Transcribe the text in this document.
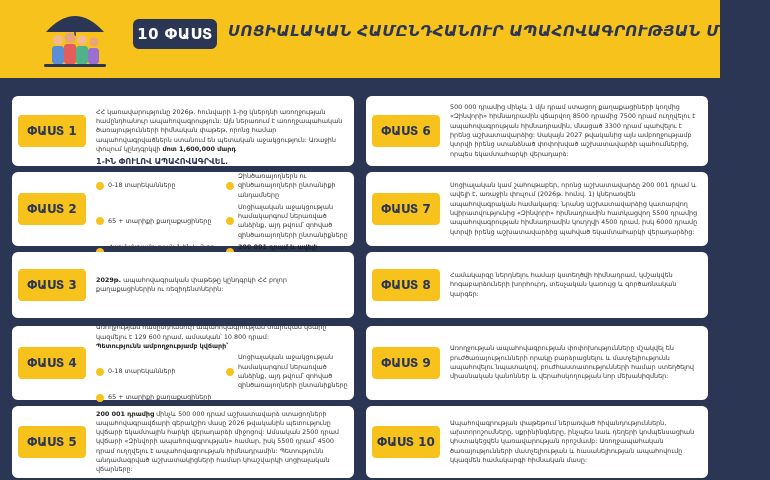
10 ՓԱՍՏ ՍՈՑԻԱԼԱԿԱՆ ՀԱՄԸՆԴՀԱՆՈՒՐ ԱՊԱՀՈՎԱԳՐՈՒԹՅԱՆ ՄԱՍԻՆ
ՓԱՍՏ 1
ՀՀ կառավարությունը 2026թ. հունվարի 1-ից կներդնի առողջության համընդհանուր ապահովագրություն: Այն ներառում է առողջապահական ծառայությունների հիմնական փաթեթ, որոնց համար ապահովագրվածներն ստանում են պետական աջակցություն: Առաջին փուլում կընդգրկվի մոտ 1,600,000 մարդ
ՓԱՍՏ 2
1-ԻՆ ՓՈՒԼՈՎ ԱՊԱՀՈՎԱԳՐՎԵԼ.
0-18 տարեկանները
Զինծառայողներն ու զինծառայողների ընտանիքի անդամները
65 + տարիքի քաղաքացիները
Սոցիալական աջակցության համակարգում ներառված անձինք, այդ թվում՝ զոհված զինծառայողների ընտանիքները
Հաշմանդամության 1-ին և 2-րդ	200 001 դրամ և ավելի
ՓԱՍՏ 3	2029թ. ապահովագրական փաթեթը կընդգրկի ՀՀ բոլոր քաղաքացիներին ու ռեզիդենտներին:
ՓԱՍՏ 4
Առողջության համընդհանուր ապահովագրության տարեկան վճարը կազմելու է 129 600 դրամ, ամսական՝ 10 800 դրամ:
Պետությունն ամբողջությամբ կվճարի՝
0-18 տարեկանների
Սոցիալական աջակցության համակարգում ներառված անձինք, այդ թվում՝ զոհված զինծառայողների ընտանիքները
65 + տարիքի քաղաքացիների
ՓԱՍՏ 5
200 001 դրամից մինչև 500 000 դրամ աշխատավարձ ստացողների ապահովագրավճարի գերակշիռ մասը 2026 թվականին պետությունը կվճարի եկամտային հարկի վերադարձի միջոցով: Ամսական 2500 դրամ կվճարի «Զինվորի ապահովագրության» համար, իսկ 5500 դրամ՝ 4500 դրամ ուղղվելու է ապահովագրության հիմնադրամին: Պետությունն անդամագրված աշխատակիցների համար կհաշվարկի սոցիալական վճարները:
ՓԱՍՏ 6
500 000 դրամից մինչև 1 մլն դրամ ստացող քաղաքացիների կողմից «Զինվորի» հիմնադրամին վճարվող 8500 դրամից 7500 դրամ ուղղվելու է ապահովագրության հիմնադրամին, մնացած 3300 դրամ պահվելու է իրենց աշխատավարձից: Սակայն 2027 թվականից այն ամբողջությամբ կտրվի իրենց ստանձնած փոփոխված աշխատավարձի պահումներից, որպես եկամտահարկի վերադարձ:
ՓԱՍՏ 7
Սոցիալական կամ շահութաբեր, որոնց աշխատավարձը 200 001 դրամ և ավելի է, առաջին փուլում (2026թ. հունվ. 1) կներառվեն ապահովագրական համակարգ: Նրանց աշխատավարձից կատարվող նվիրատվությունից «Զինվորի» հիմնադրամին հատկացվող 5500 դրամից ապահովագրության հիմնադրամին կուղղվի 4500 դրամ, իսկ 6000 դրամը կտրվի իրենց աշխատավարձից պահված եկամտահարկի վերադարձից:
ՓԱՍՏ 8
Համակարգը ներդնելու համար կստեղծվի հիմնադրամ, կմշակվեն հոգաբարձուների խորհուրդ, տեսչական կառույց և գործառնական կարգեր:
ՓԱՍՏ 9
Առողջության ապահովագրության փոփոխությունները մշակվել են բուժծառայությունների որակը բարձրացնելու և մատչելիությունն ապահովելու նպատակով, բուժհաստատությունների համար ստեղծելով միասնական կանոններ և վերահսկողության նոր մեխանիզմներ:
ՓԱՍՏ 10
Ապահովագրության փաթեթում ներառված հիվանդություններն, ախտորոշումները, սքրինինգները, ինչպես նաև դեղերի կոմպենսացիան կհստակեցվեն կառավարության որոշմամբ: Առողջապահական ծառայությունների մատչելիության և հասանելիության ապահովումը կկազմեն համակարգի հիմնական մասը:
